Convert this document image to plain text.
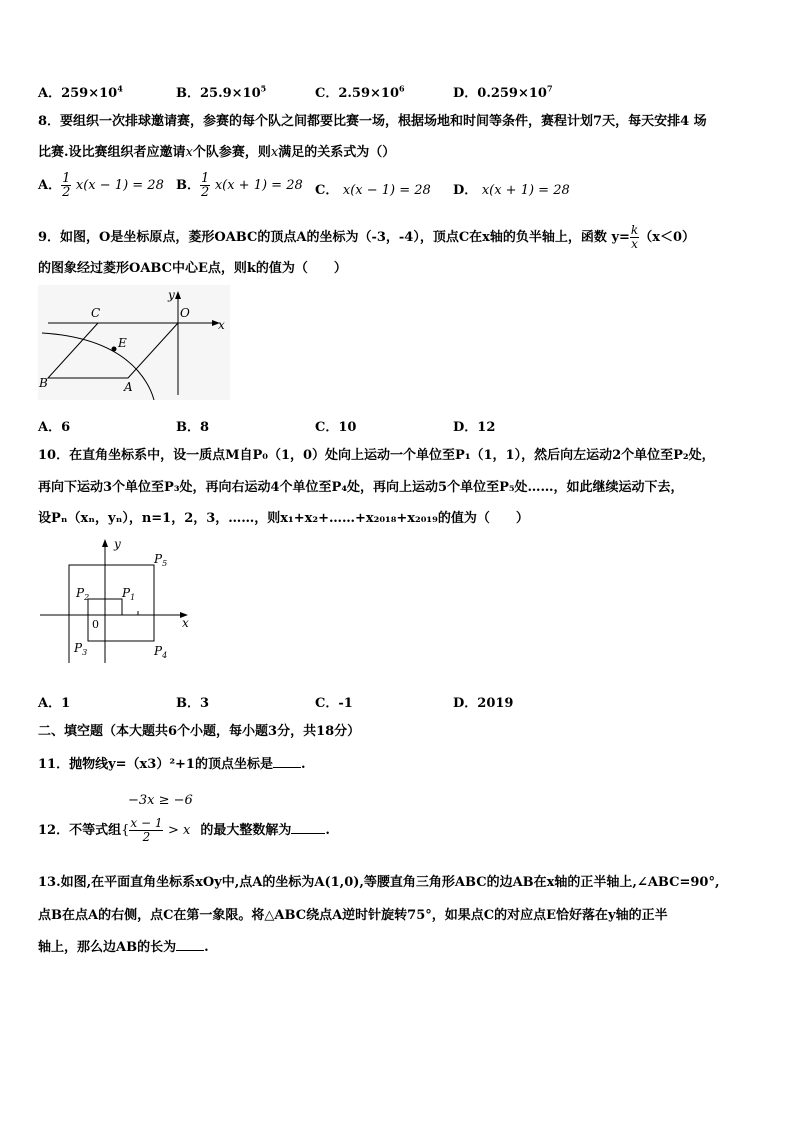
A．$259\times 10^4$	B．$25.9\times 10^5$	C．$2.59\times 10^6$	D．$0.259\times 10^7$
8．要组织一次排球邀请赛，参赛的每个队之间都要比赛一场，根据场地和时间等条件，赛程计划7天，每天安排4 场
比赛.设比赛组织者应邀请x个队参赛，则x满足的关系式为（）
A． $\frac{1}{2} x(x - 1) = 28$ B． $\frac{1}{2} x(x + 1) = 28$ C． x(x − 1) = 28 D． x(x + 1) = 28
9．如图，O是坐标原点，菱形OABC的顶点A的坐标为（-3，-4），顶点C在x轴的负半轴上，函数 $y= \frac{k}{x} (x<0)$
的图象经过菱形OABC中心E点，则k的值为（　　）
C	O
x
y
E
B	A
A．6	B．8	C．10	D．12
10．在直角坐标系中，设一质点M自P₀（1，0）处向上运动一个单位至P₁（1，1），然后向左运动2个单位至P₂处，
再向下运动3个单位至P₃处，再向右运动4个单位至P₄处，再向上运动5个单位至P₅处……，如此继续运动下去，
设Pₙ（xₙ，yₙ），n=1，2，3，……，则x₁+x₂+……+x₂₀₁₈+x₂₀₁₉的值为（　　）
0
y
x
$P_1$
$P_2$
$P_3$	$P_4$
$P_5$
A．1	B．3	C．-1	D．2019
二、填空题（本大题共6个小题，每小题3分，共18分）
11．抛物线y=（x3）²+1的顶点坐标是 .
−3x ≥ −6
12．不等式组{ $\frac{x - 1}{2} > x$ 的最大整数解为	.
13.如图,在平面直角坐标系xOy中,点A的坐标为A(1,0),等腰直角三角形ABC的边AB在x轴的正半轴上,∠ABC=90°,
点B在点A的右侧，点C在第一象限。将△ABC绕点A逆时针旋转75°，如果点C的对应点E恰好落在y轴的正半
轴上，那么边AB的长为 .
